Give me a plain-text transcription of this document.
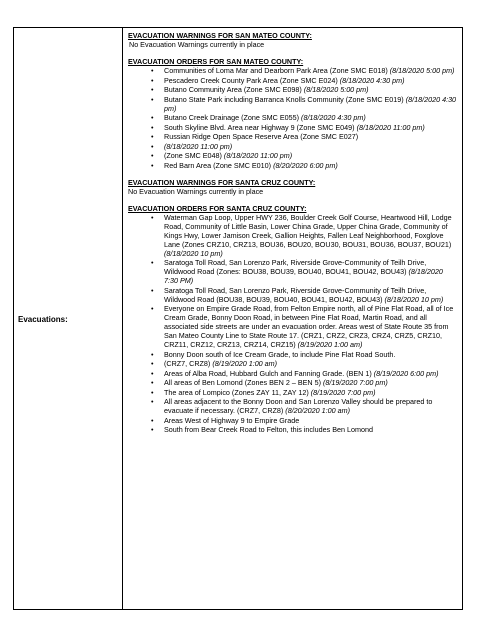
Evacuations:
EVACUATION WARNINGS FOR SAN MATEO COUNTY:
No Evacuation Warnings currently in place
EVACUATION ORDERS FOR SAN MATEO COUNTY:
• Communities of Loma Mar and Dearborn Park Area (Zone SMC E018) (8/18/2020 5:00 pm)
• Pescadero Creek County Park Area (Zone SMC E024) (8/18/2020 4:30 pm)
• Butano Community Area (Zone SMC E098) (8/18/2020 5:00 pm)
• Butano State Park including Barranca Knolls Community (Zone SMC E019) (8/18/2020 4:30 pm)
• Butano Creek Drainage (Zone SMC E055) (8/18/2020 4:30 pm)
• South Skyline Blvd. Area near Highway 9 (Zone SMC E049) (8/18/2020 11:00 pm)
• Russian Ridge Open Space Reserve Area (Zone SMC E027)
• (8/18/2020 11:00 pm)
• (Zone SMC E048) (8/18/2020 11:00 pm)
• Red Barn Area (Zone SMC E010) (8/20/2020 6:00 pm)
EVACUATION WARNINGS FOR SANTA CRUZ COUNTY:
No Evacuation Warnings currently in place
EVACUATION ORDERS FOR SANTA CRUZ COUNTY:
• Waterman Gap Loop, Upper HWY 236, Boulder Creek Golf Course, Heartwood Hill, Lodge Road, Community of Little Basin, Lower China Grade, Upper China Grade, Community of Kings Hwy, Lower Jamison Creek, Gallion Heights, Fallen Leaf Neighborhood, Foxglove Lane (Zones CRZ10, CRZ13, BOU36, BOU20, BOU30, BOU31, BOU36, BOU37, BOU21) (8/18/2020 10 pm)
• Saratoga Toll Road, San Lorenzo Park, Riverside Grove-Community of Teilh Drive, Wildwood Road (Zones: BOU38, BOU39, BOU40, BOU41, BOU42, BOU43) (8/18/2020 7:30 PM)
• Saratoga Toll Road, San Lorenzo Park, Riverside Grove-Community of Teilh Drive, Wildwood Road (BOU38, BOU39, BOU40, BOU41, BOU42, BOU43) (8/18/2020 10 pm)
• Everyone on Empire Grade Road, from Felton Empire north, all of Pine Flat Road, all of Ice Cream Grade, Bonny Doon Road, in between Pine Flat Road, Martin Road, and all associated side streets are under an evacuation order. Areas west of State Route 35 from San Mateo County Line to State Route 17. (CRZ1, CRZ2, CRZ3, CRZ4, CRZ5, CRZ10, CRZ11, CRZ12, CRZ13, CRZ14, CRZ15) (8/19/2020 1:00 am)
• Bonny Doon south of Ice Cream Grade, to include Pine Flat Road South.
• (CRZ7, CRZ8) (8/19/2020 1:00 am)
• Areas of Alba Road, Hubbard Gulch and Fanning Grade. (BEN 1) (8/19/2020 6:00 pm)
• All areas of Ben Lomond (Zones BEN 2 – BEN 5) (8/19/2020 7:00 pm)
• The area of Lompico (Zones ZAY 11, ZAY 12) (8/19/2020 7:00 pm)
• All areas adjacent to the Bonny Doon and San Lorenzo Valley should be prepared to evacuate if necessary. (CRZ7, CRZ8) (8/20/2020 1:00 am)
• Areas West of Highway 9 to Empire Grade
• South from Bear Creek Road to Felton, this includes Ben Lomond
